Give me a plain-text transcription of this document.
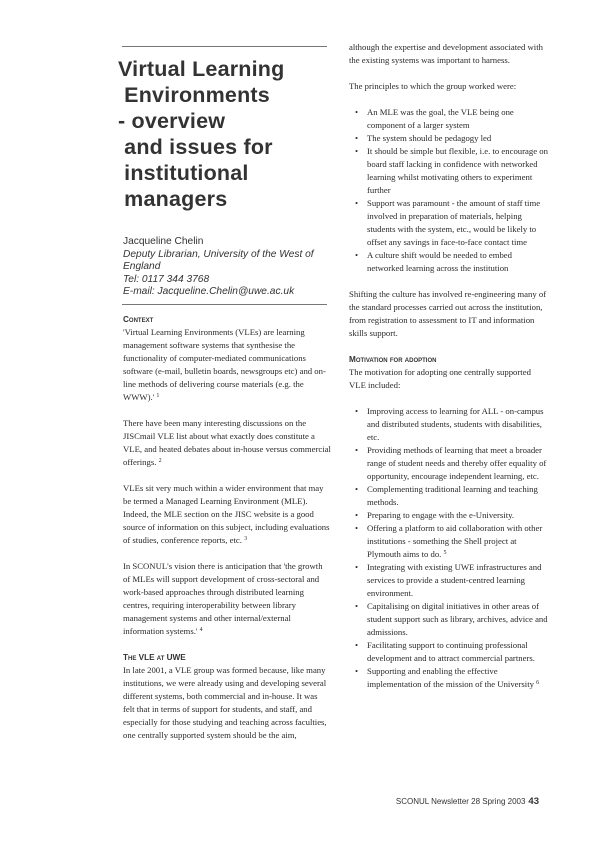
Virtual Learning
Environments
- overview
and issues for
institutional
managers
Jacqueline Chelin
Deputy Librarian, University of the West of England
Tel: 0117 344 3768
E-mail: Jacqueline.Chelin@uwe.ac.uk
Context

'Virtual Learning Environments (VLEs) are learning management software systems that synthesise the functionality of computer-mediated communications software (e-mail, bulletin boards, newsgroups etc) and on-line methods of delivering course materials (e.g. the WWW).' $^1$

There have been many interesting discussions on the JISCmail VLE list about what exactly does constitute a VLE, and heated debates about in-house versus commercial offerings. $^2$

VLEs sit very much within a wider environment that may be termed a Managed Learning Environment (MLE). Indeed, the MLE section on the JISC website is a good source of information on this subject, including evaluations of studies, conference reports, etc. $^3$

In SCONUL's vision there is anticipation that 'the growth of MLEs will support development of cross-sectoral and work-based approaches through distributed learning centres, requiring interoperability between library management systems and other internal/external information systems.' $^4$

The VLE at UWE

In late 2001, a VLE group was formed because, like many institutions, we were already using and developing several different systems, both commercial and in-house. It was felt that in terms of support for students, and staff, and especially for those studying and teaching across faculties, one centrally supported system should be the aim,

although the expertise and development associated with the existing systems was important to harness.

The principles to which the group worked were:

• An MLE was the goal, the VLE being one component of a larger system
• The system should be pedagogy led
• It should be simple but flexible, i.e. to encourage on board staff lacking in confidence with networked learning whilst motivating others to experiment further
• Support was paramount - the amount of staff time involved in preparation of materials, helping students with the system, etc., would be likely to offset any savings in face-to-face contact time
• A culture shift would be needed to embed networked learning across the institution

Shifting the culture has involved re-engineering many of the standard processes carried out across the institution, from registration to assessment to IT and information skills support.

Motivation for adoption

The motivation for adopting one centrally supported VLE included:

• Improving access to learning for ALL - on-campus and distributed students, students with disabilities, etc.
• Providing methods of learning that meet a broader range of student needs and thereby offer equality of opportunity, encourage independent learning, etc.
• Complementing traditional learning and teaching methods.
• Preparing to engage with the e-University.
• Offering a platform to aid collaboration with other institutions - something the Shell project at Plymouth aims to do. $^5$
• Integrating with existing UWE infrastructures and services to provide a student-centred learning environment.
• Capitalising on digital initiatives in other areas of student support such as library, archives, advice and admissions.
• Facilitating support to continuing professional development and to attract commercial partners.
• Supporting and enabling the effective implementation of the mission of the University $^6$
SCONUL Newsletter 28 Spring 2003 43
